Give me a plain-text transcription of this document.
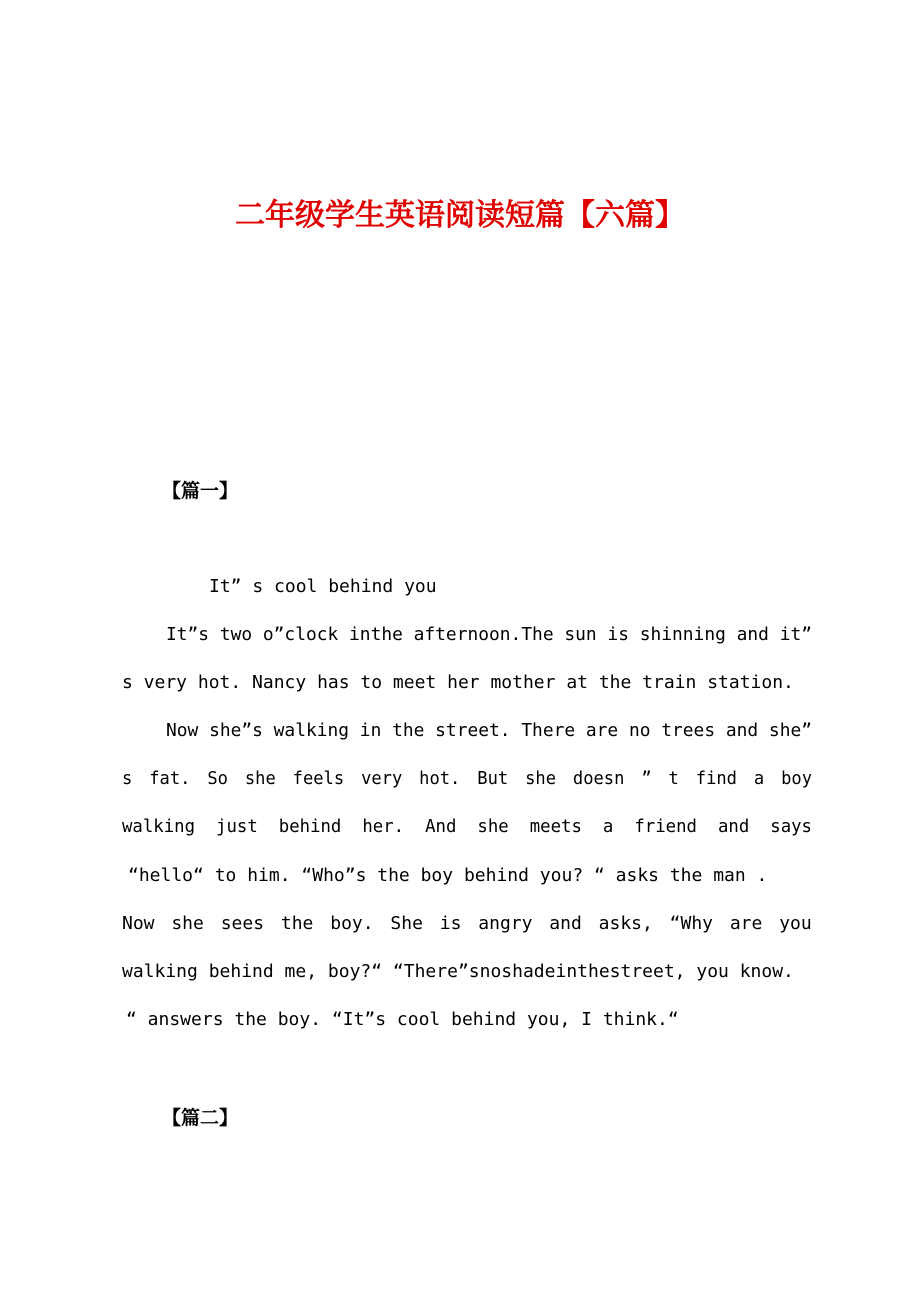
二年级学生英语阅读短篇【六篇】
【篇一】
It” s cool behind you
It”s two o”clock inthe afternoon.The sun is shinning and it”
s very hot. Nancy has to meet her mother at the train station.
Now she”s walking in the street. There are no trees and she”
s fat. So she feels very hot. But she doesn ” t find a boy
walking just behind her. And she meets a friend and says
“hello“ to him. “Who”s the boy behind you? “ asks the man .
Now she sees the boy. She is angry and asks, “Why are you
walking behind me, boy?“ “There”snoshadeinthestreet, you know.
“ answers the boy. “It”s cool behind you, I think.“
【篇二】
